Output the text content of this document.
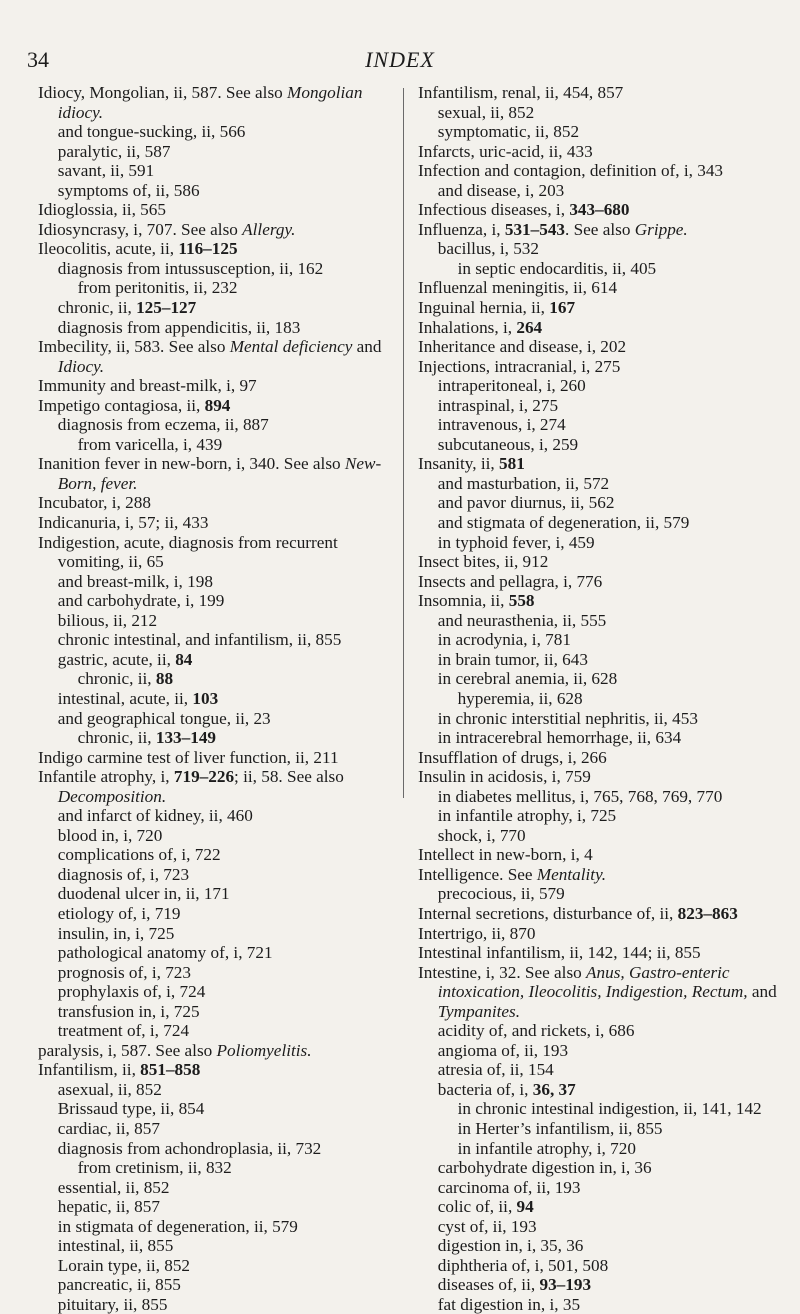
34	INDEX
Idiocy, Mongolian, ii, 587. See also Mongolian idiocy.
and tongue-sucking, ii, 566
paralytic, ii, 587
savant, ii, 591
symptoms of, ii, 586
Idioglossia, ii, 565
Idiosyncrasy, i, 707. See also Allergy.
Ileocolitis, acute, ii, 116–125
diagnosis from intussusception, ii, 162
from peritonitis, ii, 232
chronic, ii, 125–127
diagnosis from appendicitis, ii, 183
Imbecility, ii, 583. See also Mental deficiency and Idiocy.
Immunity and breast-milk, i, 97
Impetigo contagiosa, ii, 894
diagnosis from eczema, ii, 887
from varicella, i, 439
Inanition fever in new-born, i, 340. See also New-Born, fever.
Incubator, i, 288
Indicanuria, i, 57; ii, 433
Indigestion, acute, diagnosis from recurrent vomiting, ii, 65
and breast-milk, i, 198
and carbohydrate, i, 199
bilious, ii, 212
chronic intestinal, and infantilism, ii, 855
gastric, acute, ii, 84
chronic, ii, 88
intestinal, acute, ii, 103
and geographical tongue, ii, 23
chronic, ii, 133–149
Indigo carmine test of liver function, ii, 211
Infantile atrophy, i, 719–226; ii, 58. See also Decomposition.
and infarct of kidney, ii, 460
blood in, i, 720
complications of, i, 722
diagnosis of, i, 723
duodenal ulcer in, ii, 171
etiology of, i, 719
insulin, in, i, 725
pathological anatomy of, i, 721
prognosis of, i, 723
prophylaxis of, i, 724
transfusion in, i, 725
treatment of, i, 724
paralysis, i, 587. See also Poliomyelitis.
Infantilism, ii, 851–858
asexual, ii, 852
Brissaud type, ii, 854
cardiac, ii, 857
diagnosis from achondroplasia, ii, 732
from cretinism, ii, 832
essential, ii, 852
hepatic, ii, 857
in stigmata of degeneration, ii, 579
intestinal, ii, 855
Lorain type, ii, 852
pancreatic, ii, 855
pituitary, ii, 855
Infantilism, renal, ii, 454, 857
sexual, ii, 852
symptomatic, ii, 852
Infarcts, uric-acid, ii, 433
Infection and contagion, definition of, i, 343
and disease, i, 203
Infectious diseases, i, 343–680
Influenza, i, 531–543. See also Grippe.
bacillus, i, 532
in septic endocarditis, ii, 405
Influenzal meningitis, ii, 614
Inguinal hernia, ii, 167
Inhalations, i, 264
Inheritance and disease, i, 202
Injections, intracranial, i, 275
intraperitoneal, i, 260
intraspinal, i, 275
intravenous, i, 274
subcutaneous, i, 259
Insanity, ii, 581
and masturbation, ii, 572
and pavor diurnus, ii, 562
and stigmata of degeneration, ii, 579
in typhoid fever, i, 459
Insect bites, ii, 912
Insects and pellagra, i, 776
Insomnia, ii, 558
and neurasthenia, ii, 555
in acrodynia, i, 781
in brain tumor, ii, 643
in cerebral anemia, ii, 628
hyperemia, ii, 628
in chronic interstitial nephritis, ii, 453
in intracerebral hemorrhage, ii, 634
Insufflation of drugs, i, 266
Insulin in acidosis, i, 759
in diabetes mellitus, i, 765, 768, 769, 770
in infantile atrophy, i, 725
shock, i, 770
Intellect in new-born, i, 4
Intelligence. See Mentality.
precocious, ii, 579
Internal secretions, disturbance of, ii, 823–863
Intertrigo, ii, 870
Intestinal infantilism, ii, 142, 144; ii, 855
Intestine, i, 32. See also Anus, Gastro-enteric intoxication, Ileocolitis, Indigestion, Rectum, and Tympanites.
acidity of, and rickets, i, 686
angioma of, ii, 193
atresia of, ii, 154
bacteria of, i, 36, 37
in chronic intestinal indigestion, ii, 141, 142
in Herter’s infantilism, ii, 855
in infantile atrophy, i, 720
carbohydrate digestion in, i, 36
carcinoma of, ii, 193
colic of, ii, 94
cyst of, ii, 193
digestion in, i, 35, 36
diphtheria of, i, 501, 508
diseases of, ii, 93–193
fat digestion in, i, 35
